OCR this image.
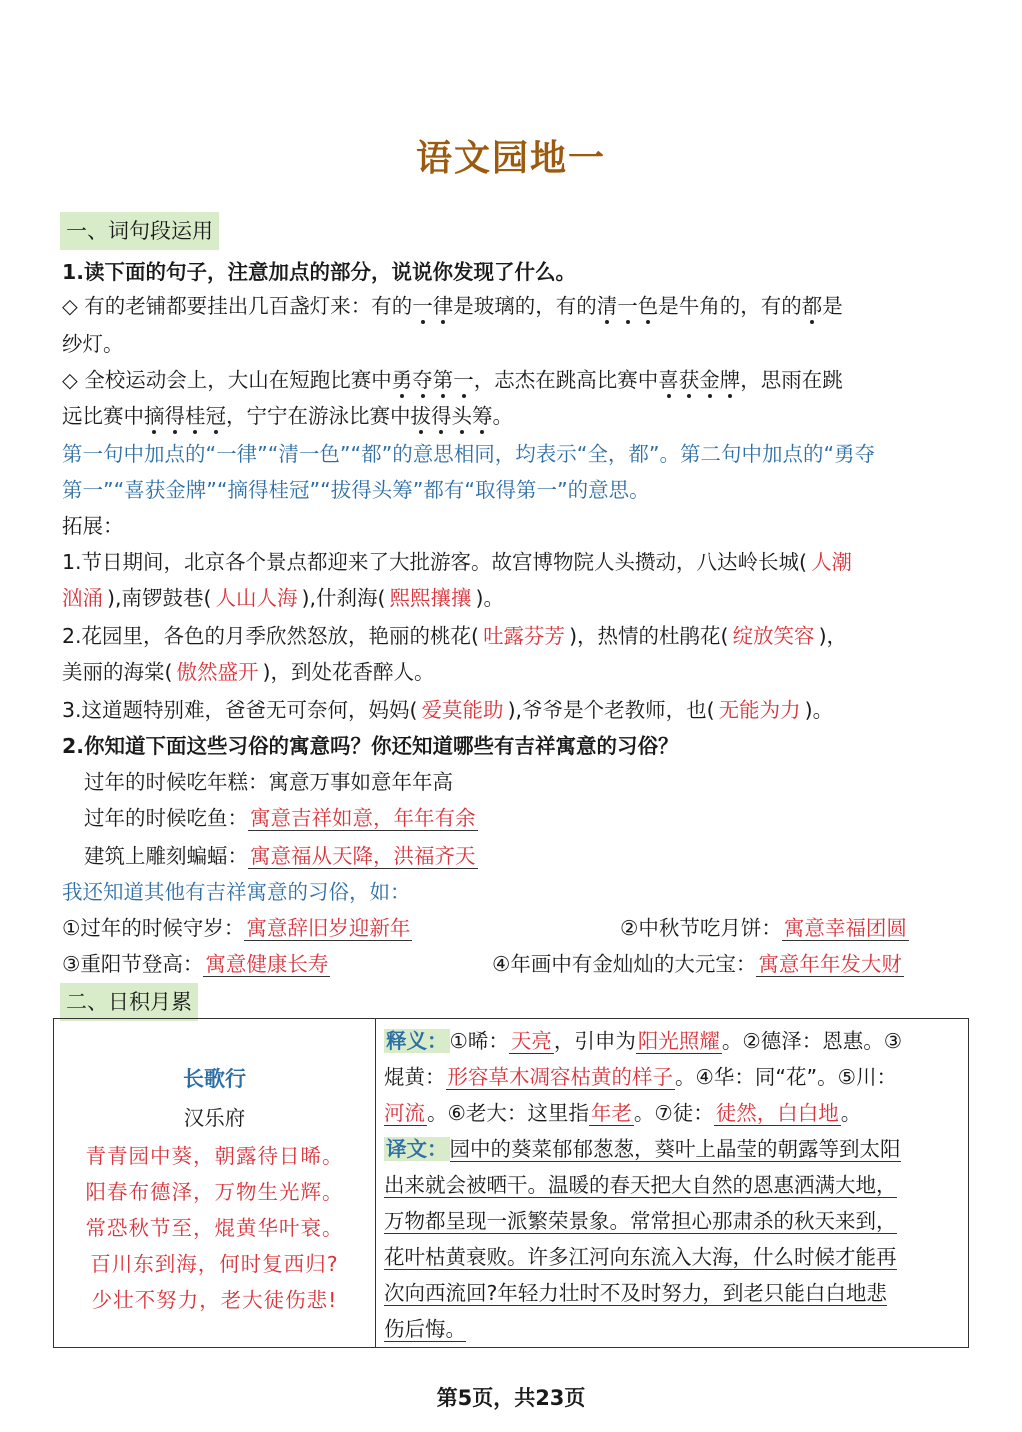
语文园地一
一、词句段运用
1.读下面的句子，注意加点的部分，说说你发现了什么。
◇ 有的老铺都要挂出几百盏灯来：有的一律是玻璃的，有的清一色是牛角的，有的都是
纱灯。
◇ 全校运动会上，大山在短跑比赛中勇夺第一，志杰在跳高比赛中喜获金牌，思雨在跳
远比赛中摘得桂冠，宁宁在游泳比赛中拔得头筹。
第一句中加点的“一律”“清一色”“都”的意思相同，均表示“全，都”。第二句中加点的“勇夺
第一”“喜获金牌”“摘得桂冠”“拔得头筹”都有“取得第一”的意思。
拓展：
1.节日期间，北京各个景点都迎来了大批游客。故宫博物院人头攒动，八达岭长城( 人潮
汹涌 ),南锣鼓巷( 人山人海 ),什刹海( 熙熙攘攘 )。
2.花园里，各色的月季欣然怒放，艳丽的桃花( 吐露芬芳 )，热情的杜鹃花( 绽放笑容 )，
美丽的海棠( 傲然盛开 )，到处花香醉人。
3.这道题特别难，爸爸无可奈何，妈妈( 爱莫能助 ),爷爷是个老教师，也( 无能为力 )。
2.你知道下面这些习俗的寓意吗？你还知道哪些有吉祥寓意的习俗？
过年的时候吃年糕：寓意万事如意年年高
过年的时候吃鱼：寓意吉祥如意，年年有余
建筑上雕刻蝙蝠：寓意福从天降，洪福齐天
我还知道其他有吉祥寓意的习俗，如：
①过年的时候守岁：寓意辞旧岁迎新年	②中秋节吃月饼：寓意幸福团圆
③重阳节登高：寓意健康长寿	④年画中有金灿灿的大元宝：寓意年年发大财
二、日积月累
长歌行
汉乐府
青青园中葵，朝露待日晞。
阳春布德泽，万物生光辉。
常恐秋节至，焜黄华叶衰。
百川东到海，何时复西归?
少壮不努力，老大徒伤悲!
释义：①晞：天亮，引申为阳光照耀。②德泽：恩惠。③
焜黄：形容草木凋容枯黄的样子。④华：同“花”。⑤川：
河流。⑥老大：这里指年老。⑦徒：徒然，白白地。
译文：园中的葵菜郁郁葱葱，葵叶上晶莹的朝露等到太阳
出来就会被晒干。温暖的春天把大自然的恩惠洒满大地，
万物都呈现一派繁荣景象。常常担心那肃杀的秋天来到，
花叶枯黄衰败。许多江河向东流入大海，什么时候才能再
次向西流回?年轻力壮时不及时努力，到老只能白白地悲
伤后悔。
第5页，共23页
